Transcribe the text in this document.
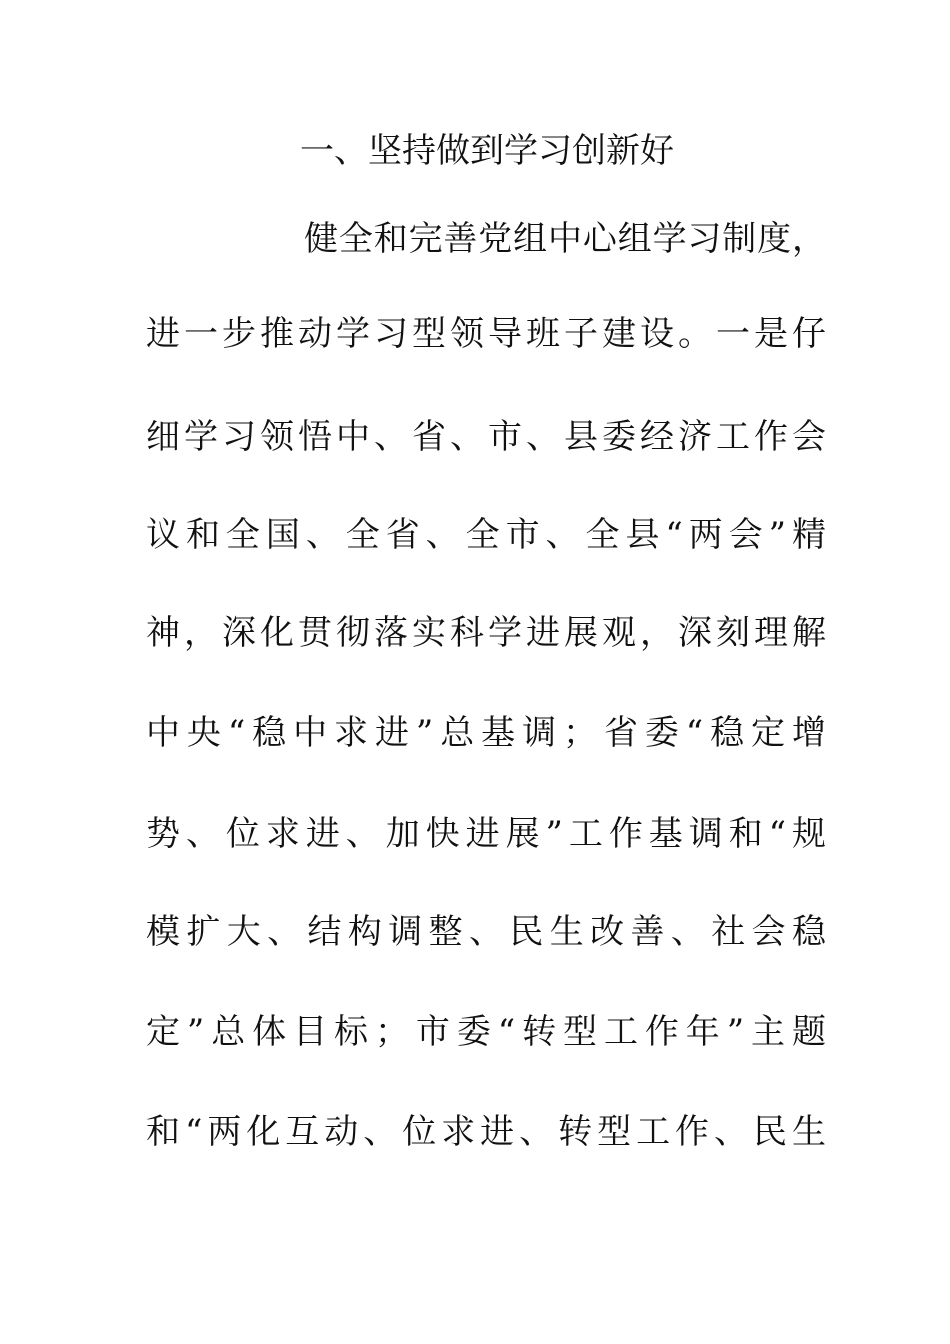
一、坚持做到学习创新好
健全和完善党组中心组学习制度，
进一步推动学习型领导班子建设。一是仔
细学习领悟中、省、市、县委经济工作会
议和全国、全省、全市、全县“两会”精
神，深化贯彻落实科学进展观，深刻理解
中央“稳中求进”总基调；省委“稳定增
势、位求进、加快进展”工作基调和“规
模扩大、结构调整、民生改善、社会稳
定”总体目标；市委“转型工作年”主题
和“两化互动、位求进、转型工作、民生
